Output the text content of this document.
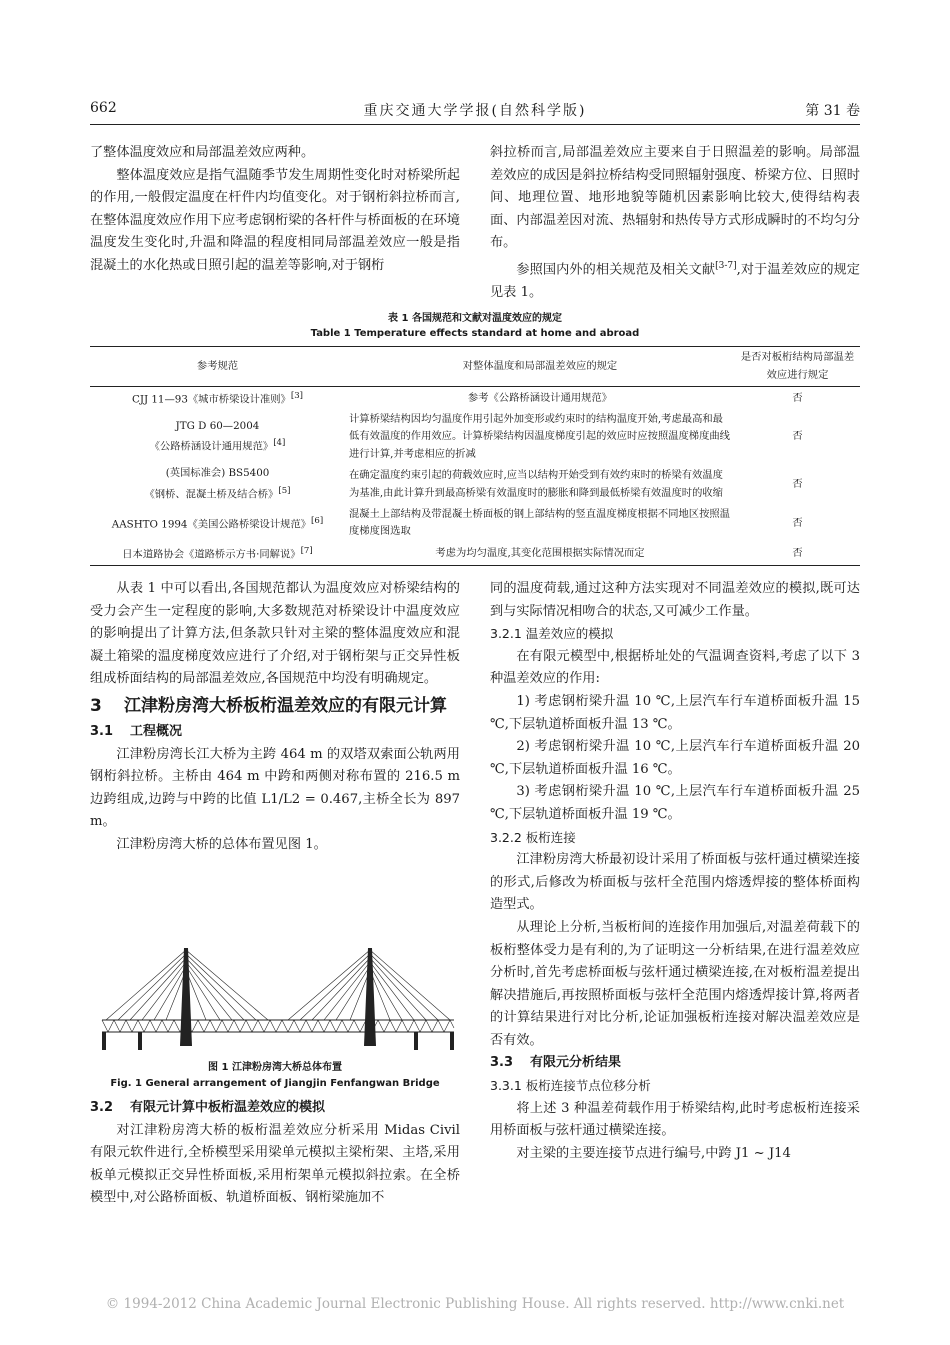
662	重庆交通大学学报(自然科学版)	第 31 卷

了整体温度效应和局部温差效应两种。

整体温度效应是指气温随季节发生周期性变化时对桥梁所起的作用,一般假定温度在杆件内均值变化。对于钢桁斜拉桥而言,在整体温度效应作用下应考虑钢桁梁的各杆件与桥面板的在环境温度发生变化时,升温和降温的程度相同局部温差效应一般是指混凝土的水化热或日照引起的温差等影响,对于钢桁

斜拉桥而言,局部温差效应主要来自于日照温差的影响。局部温差效应的成因是斜拉桥结构受同照辐射强度、桥梁方位、日照时间、地理位置、地形地貌等随机因素影响比较大,使得结构表面、内部温差因对流、热辐射和热传导方式形成瞬时的不均匀分布。

参照国内外的相关规范及相关文献[3-7],对于温差效应的规定见表 1。

表 1 各国规范和文献对温度效应的规定
Table 1 Temperature effects standard at home and abroad
参考规范	对整体温度和局部温差效应的规定	是否对板桁结构局部温差效应进行规定
CJJ 11—93《城市桥梁设计准则》[3]	参考《公路桥涵设计通用规范》	否

JTG D 60—2004
《公路桥涵设计通用规范》[4]	计算桥梁结构因均匀温度作用引起外加变形或约束时的结构温度开始,考虑最高和最低有效温度的作用效应。计算桥梁结构因温度梯度引起的效应时应按照温度梯度曲线进行计算,并考虑相应的折减	否

(英国标准会) BS5400
《钢桥、混凝土桥及结合桥》[5]	在确定温度约束引起的荷载效应时,应当以结构开始受到有效约束时的桥梁有效温度为基准,由此计算升到最高桥梁有效温度时的膨胀和降到最低桥梁有效温度时的收缩	否
AASHTO 1994《美国公路桥梁设计规范》[6]	混凝土上部结构及带混凝土桥面板的钢上部结构的竖直温度梯度根据不同地区按照温度梯度图选取	否
日本道路协会《道路桥示方书·同解说》[7]	考虑为均匀温度,其变化范围根据实际情况而定	否

从表 1 中可以看出,各国规范都认为温度效应对桥梁结构的受力会产生一定程度的影响,大多数规范对桥梁设计中温度效应的影响提出了计算方法,但条款只针对主梁的整体温度效应和混凝土箱梁的温度梯度效应进行了介绍,对于钢桁架与正交异性板组成桥面结构的局部温差效应,各国规范中均没有明确规定。

3	江津粉房湾大桥板桁温差效应的有限元计算
3.1 工程概况

江津粉房湾长江大桥为主跨 464 m 的双塔双索面公轨两用钢桁斜拉桥。主桥由 464 m 中跨和两侧对称布置的 216.5 m 边跨组成,边跨与中跨的比值 L1/L2 = 0.467,主桥全长为 897 m。

江津粉房湾大桥的总体布置见图 1。

图 1 江津粉房湾大桥总体布置
Fig. 1 General arrangement of Jiangjin Fenfangwan Bridge
3.2 有限元计算中板桁温差效应的模拟

对江津粉房湾大桥的板桁温差效应分析采用 Midas Civil 有限元软件进行,全桥模型采用梁单元模拟主梁桁架、主塔,采用板单元模拟正交异性桥面板,采用桁架单元模拟斜拉索。在全桥模型中,对公路桥面板、轨道桥面板、钢桁梁施加不

同的温度荷载,通过这种方法实现对不同温差效应的模拟,既可达到与实际情况相吻合的状态,又可减少工作量。

3.2.1 温差效应的模拟

在有限元模型中,根据桥址处的气温调查资料,考虑了以下 3 种温差效应的作用:

1) 考虑钢桁梁升温 10 ℃,上层汽车行车道桥面板升温 15 ℃,下层轨道桥面板升温 13 ℃。

2) 考虑钢桁梁升温 10 ℃,上层汽车行车道桥面板升温 20 ℃,下层轨道桥面板升温 16 ℃。

3) 考虑钢桁梁升温 10 ℃,上层汽车行车道桥面板升温 25 ℃,下层轨道桥面板升温 19 ℃。

3.2.2 板桁连接

江津粉房湾大桥最初设计采用了桥面板与弦杆通过横梁连接的形式,后修改为桥面板与弦杆全范围内熔透焊接的整体桥面构造型式。

从理论上分析,当板桁间的连接作用加强后,对温差荷载下的板桁整体受力是有利的,为了证明这一分析结果,在进行温差效应分析时,首先考虑桥面板与弦杆通过横梁连接,在对板桁温差提出解决措施后,再按照桥面板与弦杆全范围内熔透焊接计算,将两者的计算结果进行对比分析,论证加强板桁连接对解决温差效应是否有效。

3.3 有限元分析结果
3.3.1 板桁连接节点位移分析

将上述 3 种温差荷载作用于桥梁结构,此时考虑板桁连接采用桥面板与弦杆通过横梁连接。

对主梁的主要连接节点进行编号,中跨 J1 ~ J14

© 1994-2012 China Academic Journal Electronic Publishing House. All rights reserved. http://www.cnki.net
